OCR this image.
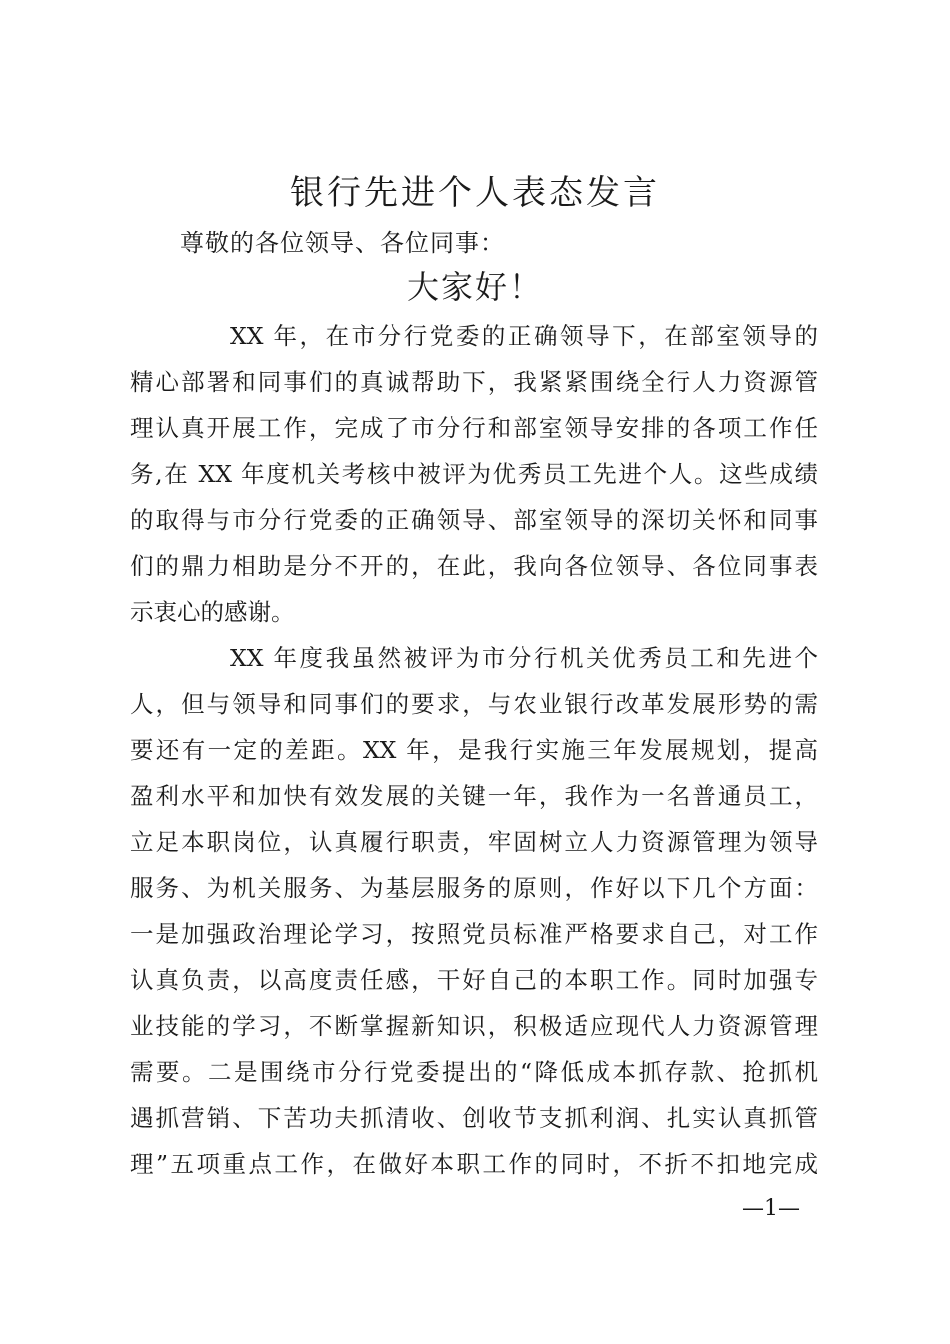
银行先进个人表态发言
尊敬的各位领导、各位同事：
大家好！
XX 年，在市分行党委的正确领导下，在部室领导的
精心部署和同事们的真诚帮助下，我紧紧围绕全行人力资源管
理认真开展工作，完成了市分行和部室领导安排的各项工作任
务,在 XX 年度机关考核中被评为优秀员工先进个人。这些成绩
的取得与市分行党委的正确领导、部室领导的深切关怀和同事
们的鼎力相助是分不开的，在此，我向各位领导、各位同事表
示衷心的感谢。
XX 年度我虽然被评为市分行机关优秀员工和先进个
人，但与领导和同事们的要求，与农业银行改革发展形势的需
要还有一定的差距。XX 年，是我行实施三年发展规划，提高
盈利水平和加快有效发展的关键一年，我作为一名普通员工，
立足本职岗位，认真履行职责，牢固树立人力资源管理为领导
服务、为机关服务、为基层服务的原则，作好以下几个方面：
一是加强政治理论学习，按照党员标准严格要求自己，对工作
认真负责，以高度责任感，干好自己的本职工作。同时加强专
业技能的学习，不断掌握新知识，积极适应现代人力资源管理
需要。二是围绕市分行党委提出的“降低成本抓存款、抢抓机
遇抓营销、下苦功夫抓清收、创收节支抓利润、扎实认真抓管
理”五项重点工作，在做好本职工作的同时，不折不扣地完成
—1—
